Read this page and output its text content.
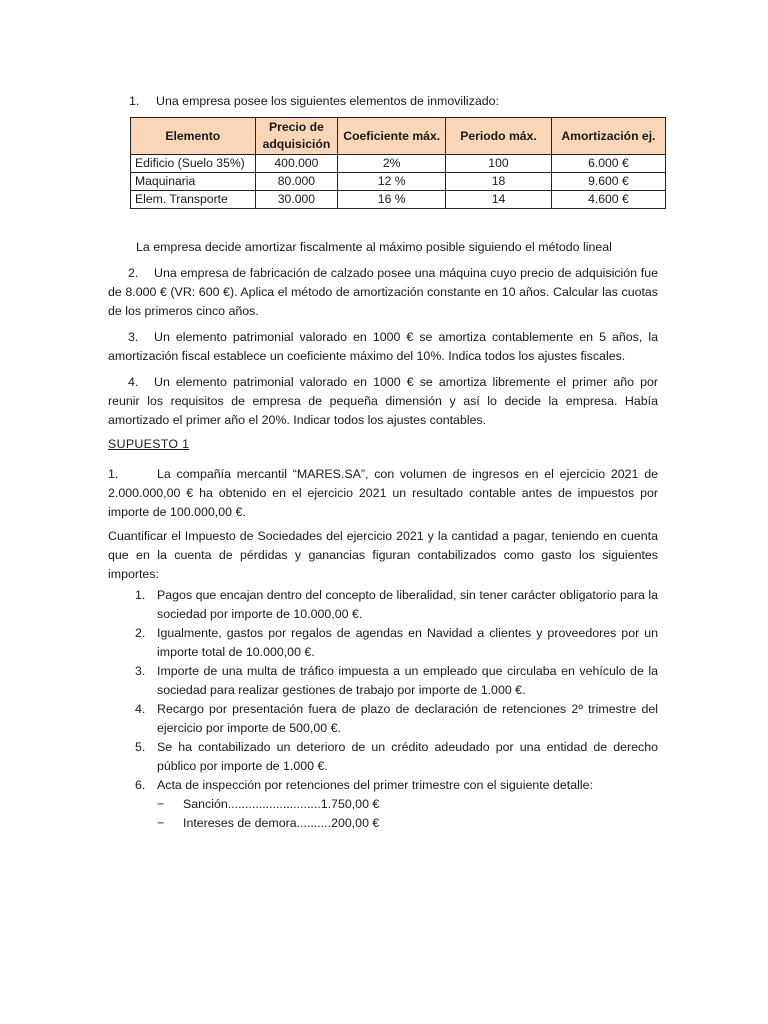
1. Una empresa posee los siguientes elementos de inmovilizado:
Elemento	Precio de adquisición	Coeficiente máx.	Periodo máx.	Amortización ej.
Edificio (Suelo 35%)	400.000	2%	100	6.000 €
Maquinaria	80.000	12 %	18	9.600 €
Elem. Transporte	30.000	16 %	14	4.600 €
La empresa decide amortizar fiscalmente al máximo posible siguiendo el método lineal
2. Una empresa de fabricación de calzado posee una máquina cuyo precio de adquisición fue de 8.000 € (VR: 600 €). Aplica el método de amortización constante en 10 años. Calcular las cuotas de los primeros cinco años.
3. Un elemento patrimonial valorado en 1000 € se amortiza contablemente en 5 años, la amortización fiscal establece un coeficiente máximo del 10%. Indica todos los ajustes fiscales.
4. Un elemento patrimonial valorado en 1000 € se amortiza libremente el primer año por reunir los requisitos de empresa de pequeña dimensión y así lo decide la empresa. Había amortizado el primer año el 20%. Indicar todos los ajustes contables.
SUPUESTO 1
1.	La compañía mercantil “MARES.SA”, con volumen de ingresos en el ejercicio 2021 de 2.000.000,00 € ha obtenido en el ejercicio 2021 un resultado contable antes de impuestos por importe de 100.000,00 €.
Cuantificar el Impuesto de Sociedades del ejercicio 2021 y la cantidad a pagar, teniendo en cuenta que en la cuenta de pérdidas y ganancias figuran contabilizados como gasto los siguientes importes:
1. Pagos que encajan dentro del concepto de liberalidad, sin tener carácter obligatorio para la sociedad por importe de 10.000,00 €.
2. Igualmente, gastos por regalos de agendas en Navidad a clientes y proveedores por un importe total de 10.000,00 €.
3. Importe de una multa de tráfico impuesta a un empleado que circulaba en vehículo de la sociedad para realizar gestiones de trabajo por importe de 1.000 €.
4. Recargo por presentación fuera de plazo de declaración de retenciones 2º trimestre del ejercicio por importe de 500,00 €.
5. Se ha contabilizado un deterioro de un crédito adeudado por una entidad de derecho público por importe de 1.000 €.
6. Acta de inspección por retenciones del primer trimestre con el siguiente detalle:
− Sanción...........................1.750,00 €
− Intereses de demora..........200,00 €
